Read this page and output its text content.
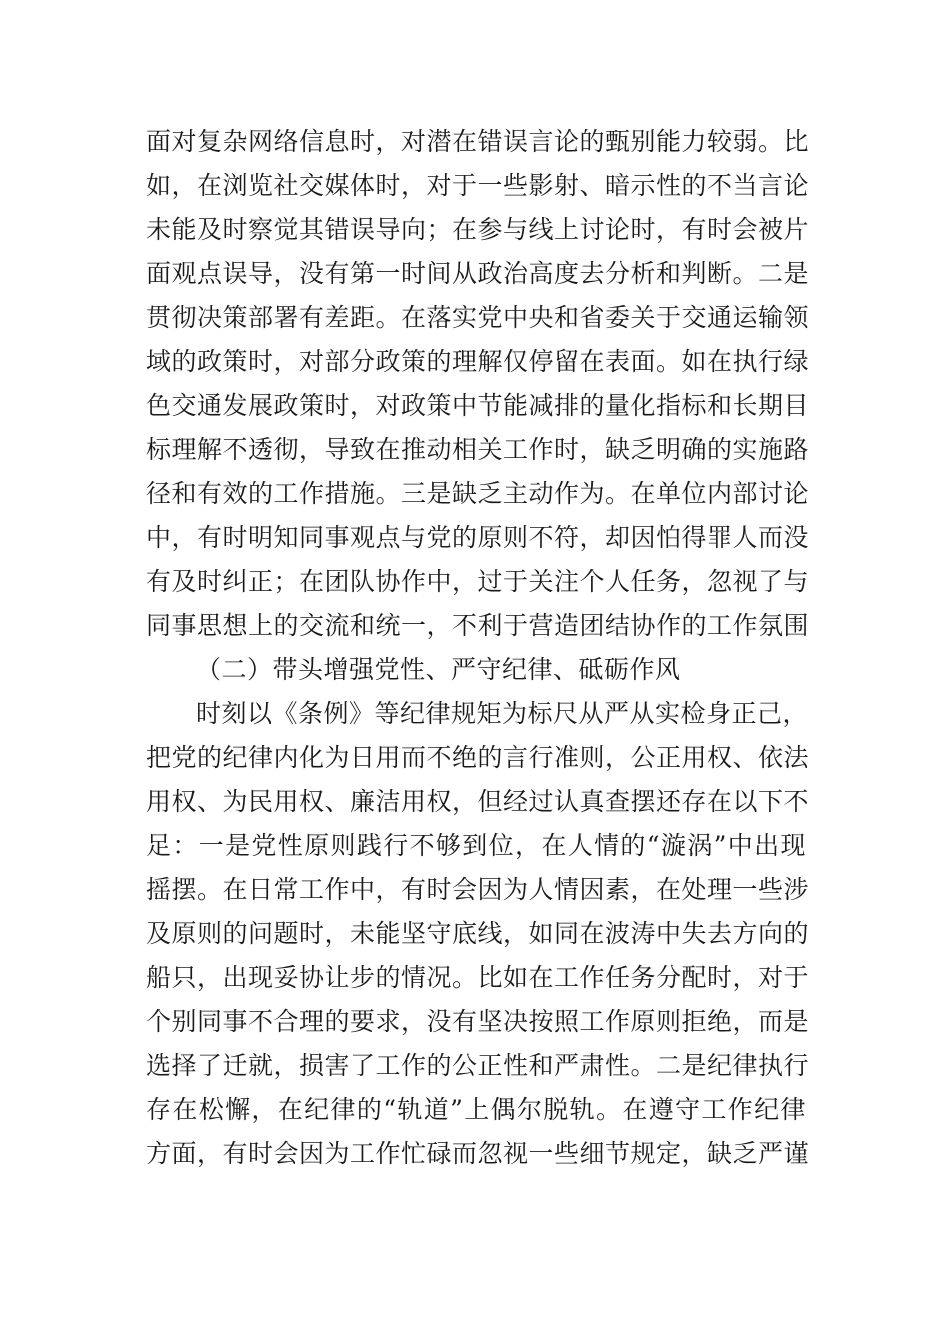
面对复杂网络信息时，对潜在错误言论的甄别能力较弱。比
如，在浏览社交媒体时，对于一些影射、暗示性的不当言论
未能及时察觉其错误导向；在参与线上讨论时，有时会被片
面观点误导，没有第一时间从政治高度去分析和判断。二是
贯彻决策部署有差距。在落实党中央和省委关于交通运输领
域的政策时，对部分政策的理解仅停留在表面。如在执行绿
色交通发展政策时，对政策中节能减排的量化指标和长期目
标理解不透彻，导致在推动相关工作时，缺乏明确的实施路
径和有效的工作措施。三是缺乏主动作为。在单位内部讨论
中，有时明知同事观点与党的原则不符，却因怕得罪人而没
有及时纠正；在团队协作中，过于关注个人任务，忽视了与
同事思想上的交流和统一，不利于营造团结协作的工作氛围
（二）带头增强党性、严守纪律、砥砺作风
时刻以《条例》等纪律规矩为标尺从严从实检身正己，
把党的纪律内化为日用而不绝的言行准则，公正用权、依法
用权、为民用权、廉洁用权，但经过认真查摆还存在以下不
足：一是党性原则践行不够到位，在人情的“漩涡”中出现
摇摆。在日常工作中，有时会因为人情因素，在处理一些涉
及原则的问题时，未能坚守底线，如同在波涛中失去方向的
船只，出现妥协让步的情况。比如在工作任务分配时，对于
个别同事不合理的要求，没有坚决按照工作原则拒绝，而是
选择了迁就，损害了工作的公正性和严肃性。二是纪律执行
存在松懈，在纪律的“轨道”上偶尔脱轨。在遵守工作纪律
方面，有时会因为工作忙碌而忽视一些细节规定，缺乏严谨
